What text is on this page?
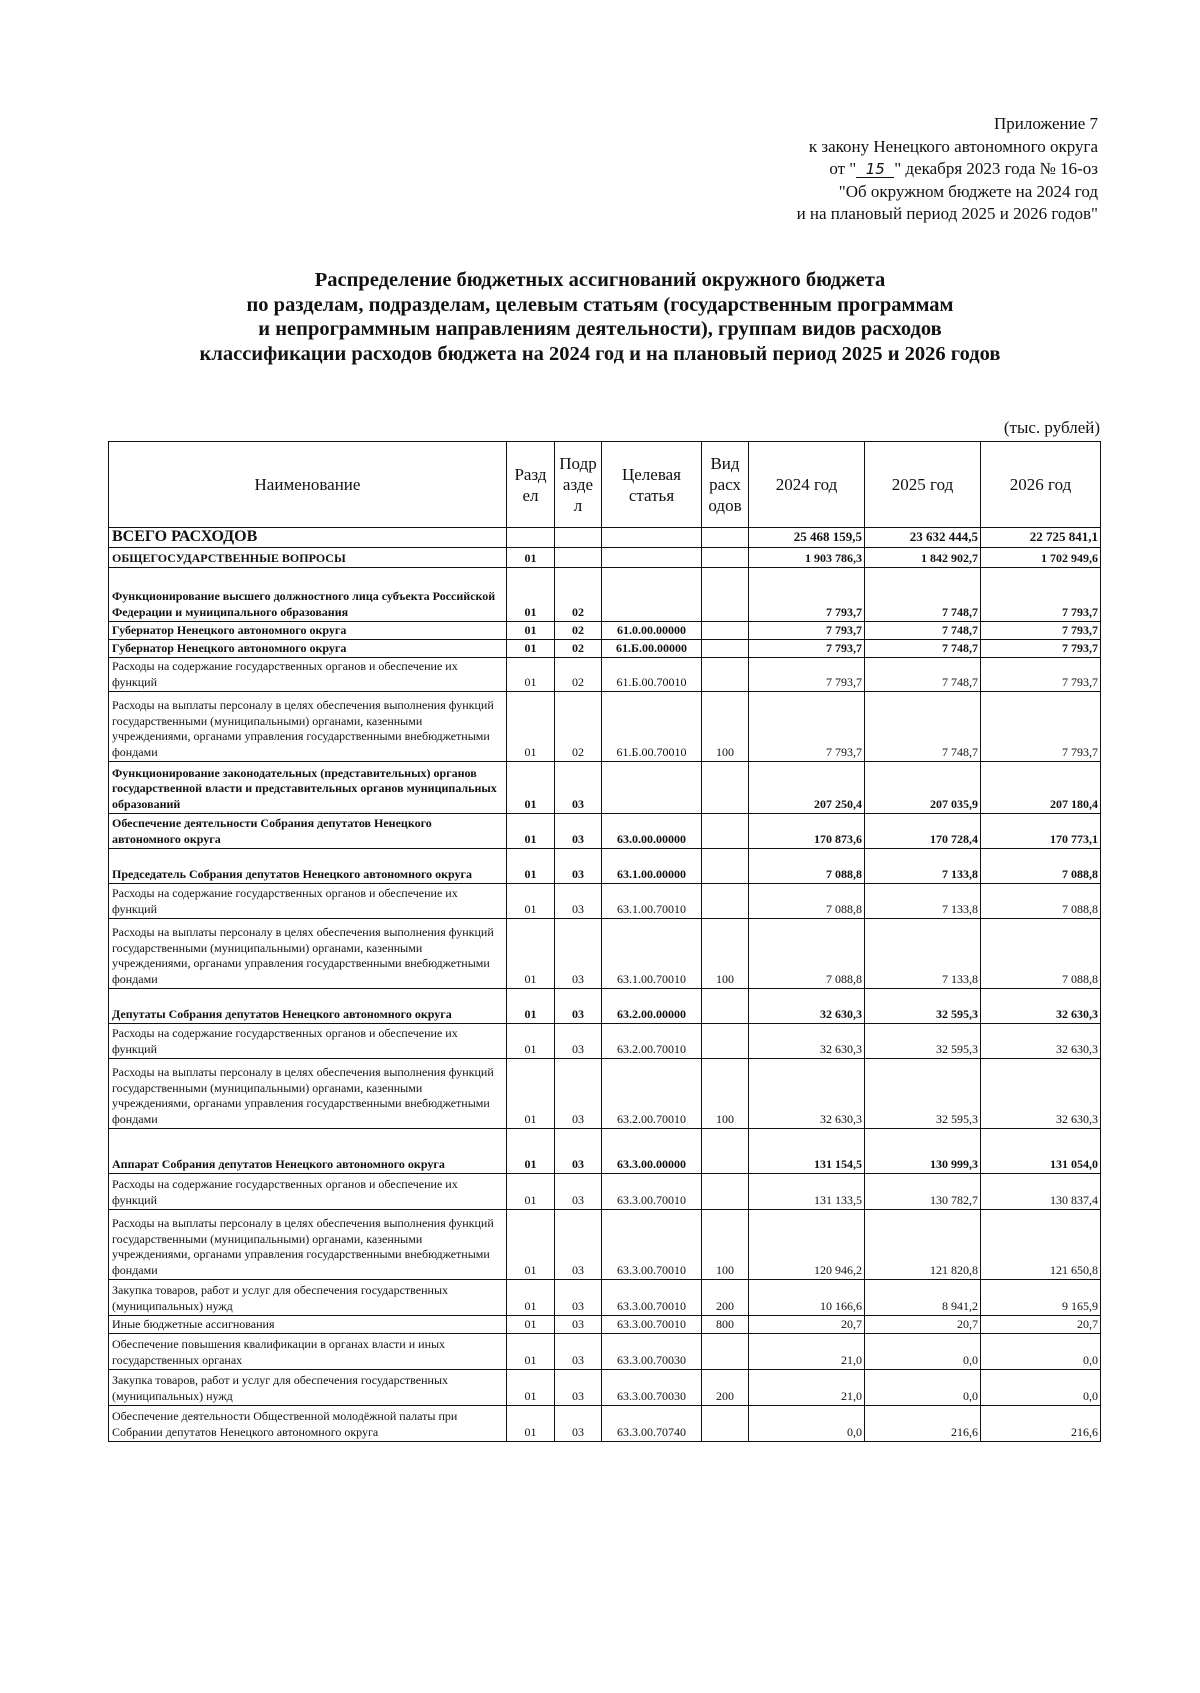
Приложение 7
к закону Ненецкого автономного округа
от " 15 " декабря 2023 года № 16-оз
"Об окружном бюджете на 2024 год
и на плановый период 2025 и 2026 годов"
Распределение бюджетных ассигнований окружного бюджета
по разделам, подразделам, целевым статьям (государственным программам
и непрограммным направлениям деятельности), группам видов расходов
классификации расходов бюджета на 2024 год и на плановый период 2025 и 2026 годов
(тыс. рублей)
Наименование	Разд ел	Подр азде л	Целевая статья	Вид расх одов	2024 год	2025 год	2026 год
ВСЕГО РАСХОДОВ					25 468 159,5	23 632 444,5	22 725 841,1
ОБЩЕГОСУДАРСТВЕННЫЕ ВОПРОСЫ	01				1 903 786,3	1 842 902,7	1 702 949,6
Функционирование высшего должностного лица субъекта Российской Федерации и муниципального образования	01	02			7 793,7	7 748,7	7 793,7
Губернатор Ненецкого автономного округа	01	02	61.0.00.00000		7 793,7	7 748,7	7 793,7
Губернатор Ненецкого автономного округа	01	02	61.Б.00.00000		7 793,7	7 748,7	7 793,7
Расходы на содержание государственных органов и обеспечение их функций	01	02	61.Б.00.70010		7 793,7	7 748,7	7 793,7
Расходы на выплаты персоналу в целях обеспечения выполнения функций государственными (муниципальными) органами, казенными учреждениями, органами управления государственными внебюджетными фондами	01	02	61.Б.00.70010	100	7 793,7	7 748,7	7 793,7
Функционирование законодательных (представительных) органов государственной власти и представительных органов муниципальных образований	01	03			207 250,4	207 035,9	207 180,4
Обеспечение деятельности Собрания депутатов Ненецкого автономного округа	01	03	63.0.00.00000		170 873,6	170 728,4	170 773,1
Председатель Собрания депутатов Ненецкого автономного округа	01	03	63.1.00.00000		7 088,8	7 133,8	7 088,8
Расходы на содержание государственных органов и обеспечение их функций	01	03	63.1.00.70010		7 088,8	7 133,8	7 088,8
Расходы на выплаты персоналу в целях обеспечения выполнения функций государственными (муниципальными) органами, казенными учреждениями, органами управления государственными внебюджетными фондами	01	03	63.1.00.70010	100	7 088,8	7 133,8	7 088,8
Депутаты Собрания депутатов Ненецкого автономного округа	01	03	63.2.00.00000		32 630,3	32 595,3	32 630,3
Расходы на содержание государственных органов и обеспечение их функций	01	03	63.2.00.70010		32 630,3	32 595,3	32 630,3
Расходы на выплаты персоналу в целях обеспечения выполнения функций государственными (муниципальными) органами, казенными учреждениями, органами управления государственными внебюджетными фондами	01	03	63.2.00.70010	100	32 630,3	32 595,3	32 630,3
Аппарат Собрания депутатов Ненецкого автономного округа	01	03	63.3.00.00000		131 154,5	130 999,3	131 054,0
Расходы на содержание государственных органов и обеспечение их функций	01	03	63.3.00.70010		131 133,5	130 782,7	130 837,4
Расходы на выплаты персоналу в целях обеспечения выполнения функций государственными (муниципальными) органами, казенными учреждениями, органами управления государственными внебюджетными фондами	01	03	63.3.00.70010	100	120 946,2	121 820,8	121 650,8
Закупка товаров, работ и услуг для обеспечения государственных (муниципальных) нужд	01	03	63.3.00.70010	200	10 166,6	8 941,2	9 165,9
Иные бюджетные ассигнования	01	03	63.3.00.70010	800	20,7	20,7	20,7
Обеспечение повышения квалификации в органах власти и иных государственных органах	01	03	63.3.00.70030		21,0	0,0	0,0
Закупка товаров, работ и услуг для обеспечения государственных (муниципальных) нужд	01	03	63.3.00.70030	200	21,0	0,0	0,0
Обеспечение деятельности Общественной молодёжной палаты при Собрании депутатов Ненецкого автономного округа	01	03	63.3.00.70740		0,0	216,6	216,6
